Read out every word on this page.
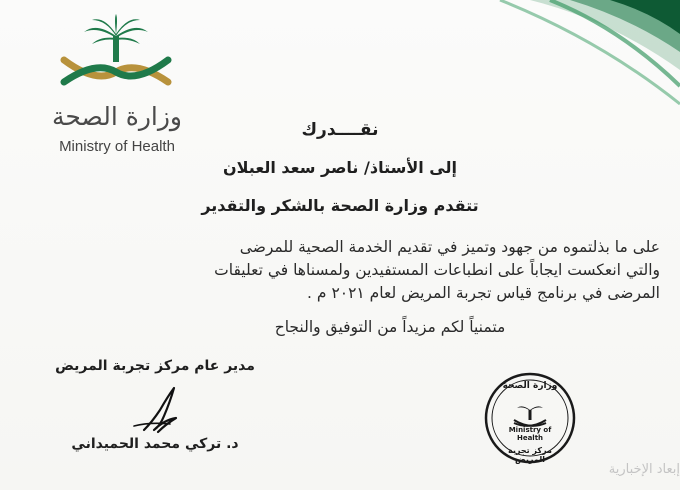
وزارة الصحة
Ministry of Health
نقــــدرك
إلى الأستاذ/ ناصر سعد العبلان
تتقدم وزارة الصحة بالشكر والتقدير

على ما بذلتموه من جهود وتميز في تقديم الخدمة الصحية للمرضى

والتي انعكست ايجاباً على انطباعات المستفيدين ولمسناها في تعليقات

المرضى في برنامج قياس تجربة المريض لعام ٢٠٢١ م .

متمنياً لكم مزيداً من التوفيق والنجاح
مدير عام مركز تجربة المريض
د. تركي محمد الحميداني
وزارة الصحة
Ministry of Health
مركز تجربة المريض
إبعاد الإخبارية
